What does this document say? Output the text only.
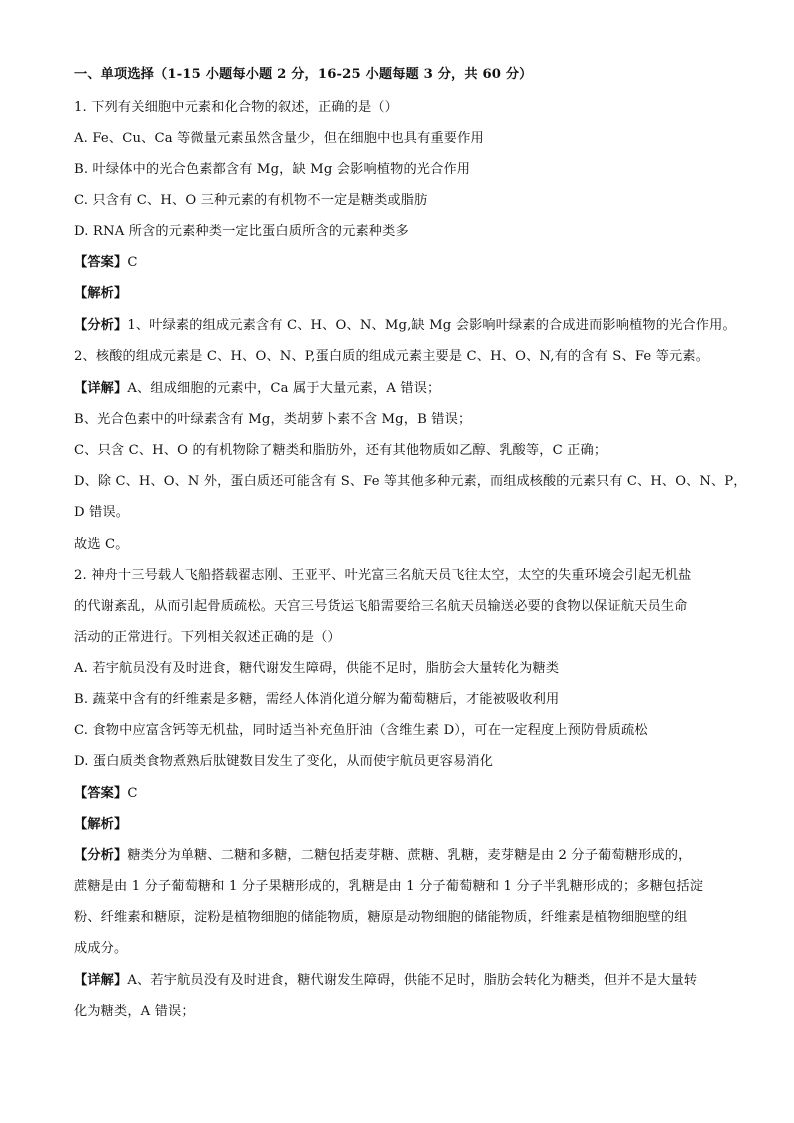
一、单项选择（1-15 小题每小题 2 分，16-25 小题每题 3 分，共 60 分）
1. 下列有关细胞中元素和化合物的叙述，正确的是（）
A. Fe、Cu、Ca 等微量元素虽然含量少，但在细胞中也具有重要作用
B. 叶绿体中的光合色素都含有 Mg，缺 Mg 会影响植物的光合作用
C. 只含有 C、H、O 三种元素的有机物不一定是糖类或脂肪
D. RNA 所含的元素种类一定比蛋白质所含的元素种类多
【答案】C
【解析】
【分析】1、叶绿素的组成元素含有 C、H、O、N、Mg,缺 Mg 会影响叶绿素的合成进而影响植物的光合作用。
2、核酸的组成元素是 C、H、O、N、P,蛋白质的组成元素主要是 C、H、O、N,有的含有 S、Fe 等元素。
【详解】A、组成细胞的元素中，Ca 属于大量元素，A 错误；
B、光合色素中的叶绿素含有 Mg，类胡萝卜素不含 Mg，B 错误；
C、只含 C、H、O 的有机物除了糖类和脂肪外，还有其他物质如乙醇、乳酸等，C 正确；
D、除 C、H、O、N 外，蛋白质还可能含有 S、Fe 等其他多种元素，而组成核酸的元素只有 C、H、O、N、P，
D 错误。
故选 C。
2. 神舟十三号载人飞船搭载翟志刚、王亚平、叶光富三名航天员飞往太空，太空的失重环境会引起无机盐
的代谢紊乱，从而引起骨质疏松。天宫三号货运飞船需要给三名航天员输送必要的食物以保证航天员生命
活动的正常进行。下列相关叙述正确的是（）
A. 若宇航员没有及时进食，糖代谢发生障碍，供能不足时，脂肪会大量转化为糖类
B. 蔬菜中含有的纤维素是多糖，需经人体消化道分解为葡萄糖后，才能被吸收利用
C. 食物中应富含钙等无机盐，同时适当补充鱼肝油（含维生素 D），可在一定程度上预防骨质疏松
D. 蛋白质类食物煮熟后肽键数目发生了变化，从而使宇航员更容易消化
【答案】C
【解析】
【分析】糖类分为单糖、二糖和多糖，二糖包括麦芽糖、蔗糖、乳糖，麦芽糖是由 2 分子葡萄糖形成的，
蔗糖是由 1 分子葡萄糖和 1 分子果糖形成的，乳糖是由 1 分子葡萄糖和 1 分子半乳糖形成的；多糖包括淀
粉、纤维素和糖原，淀粉是植物细胞的储能物质，糖原是动物细胞的储能物质，纤维素是植物细胞壁的组
成成分。
【详解】A、若宇航员没有及时进食，糖代谢发生障碍，供能不足时，脂肪会转化为糖类，但并不是大量转
化为糖类，A 错误；
